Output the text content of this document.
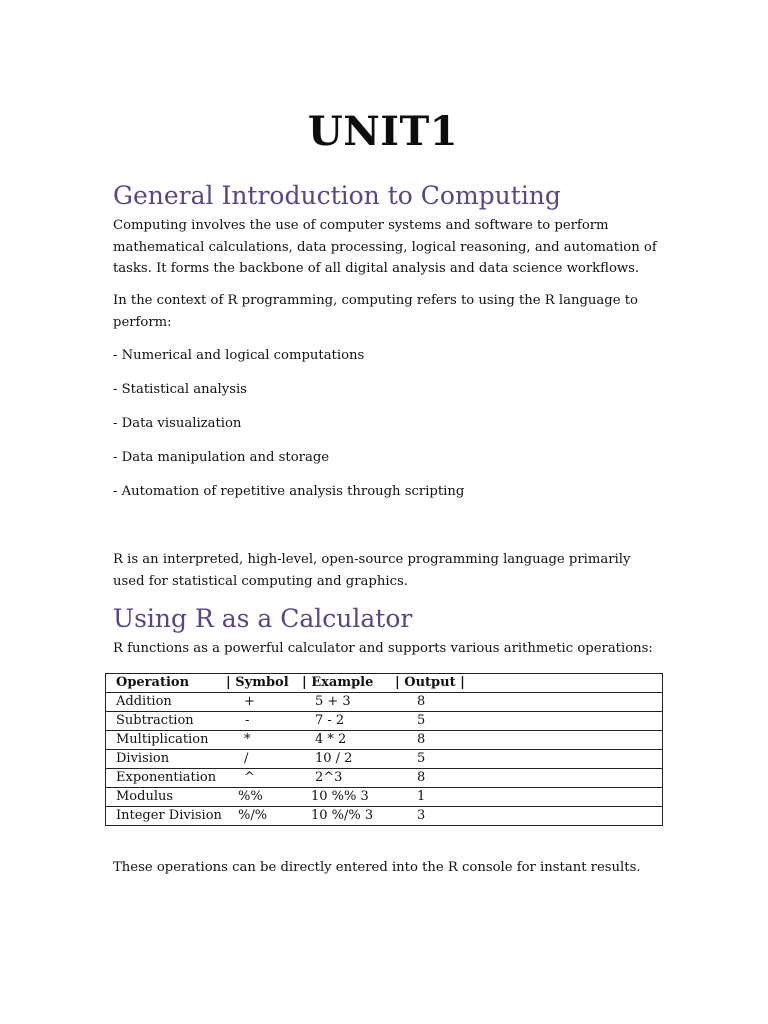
UNIT1
General Introduction to Computing

Computing involves the use of computer systems and software to perform mathematical calculations, data processing, logical reasoning, and automation of tasks. It forms the backbone of all digital analysis and data science workflows.

In the context of R programming, computing refers to using the R language to perform:

- Numerical and logical computations

- Statistical analysis

- Data visualization

- Data manipulation and storage

- Automation of repetitive analysis through scripting

R is an interpreted, high-level, open-source programming language primarily used for statistical computing and graphics.

Using R as a Calculator

R functions as a powerful calculator and supports various arithmetic operations:

Operation	| Symbol	| Example	| Output |	
Addition	+	5 + 3	8	
Subtraction	-	7 - 2	5	
Multiplication	*	4 * 2	8	
Division	/	10 / 2	5	
Exponentiation	^	2^3	8	
Modulus	%%	10 %% 3	1	
Integer Division	%/%	10 %/% 3	3	

These operations can be directly entered into the R console for instant results.
